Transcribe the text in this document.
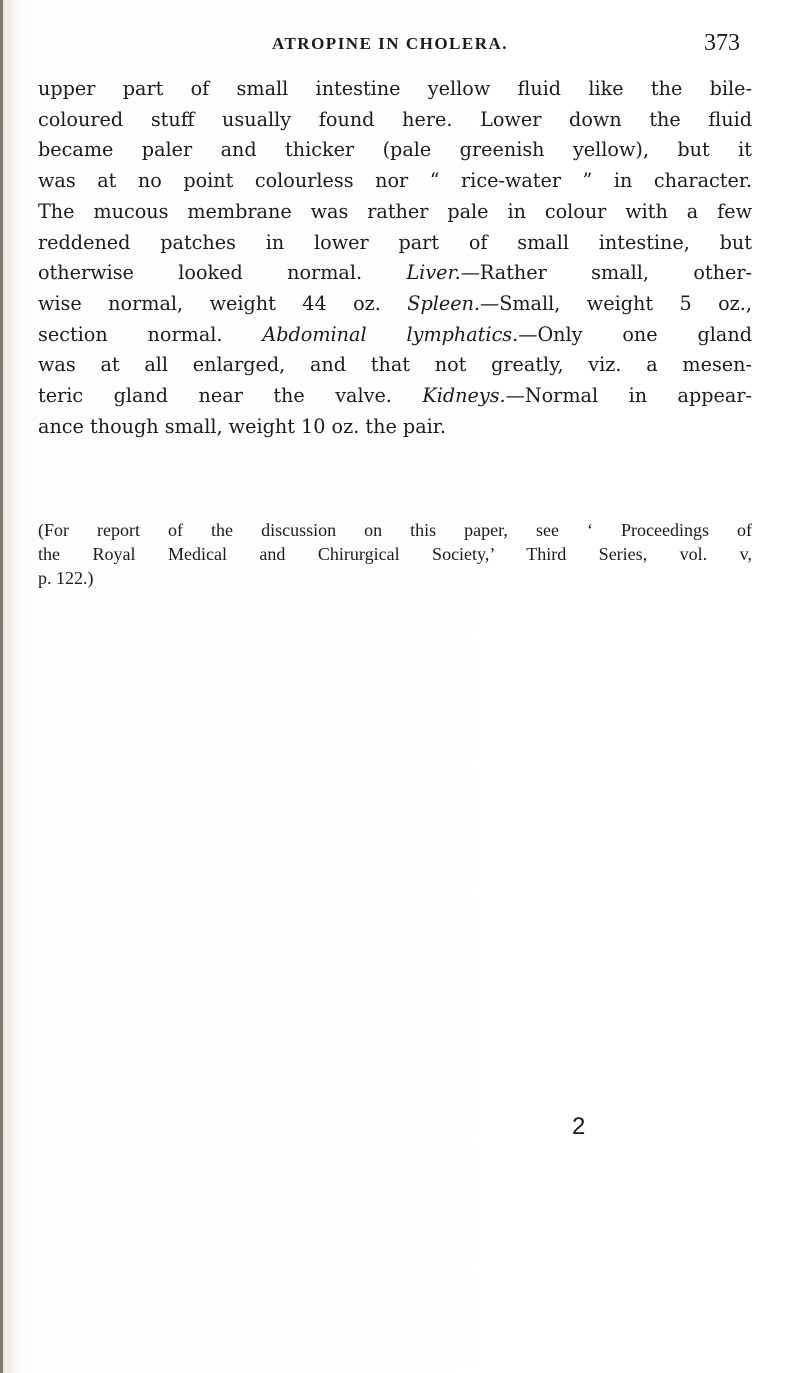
ATROPINE IN CHOLERA.	373
upper part of small intestine yellow fluid like the bile-
coloured stuff usually found here. Lower down the fluid
became paler and thicker (pale greenish yellow), but it
was at no point colourless nor “ rice-water ” in character.
The mucous membrane was rather pale in colour with a few
reddened patches in lower part of small intestine, but
otherwise looked normal. Liver.—Rather small, other-
wise normal, weight 44 oz. Spleen.—Small, weight 5 oz.,
section normal. Abdominal lymphatics.—Only one gland
was at all enlarged, and that not greatly, viz. a mesen-
teric gland near the valve. Kidneys.—Normal in appear-
ance though small, weight 10 oz. the pair.
(For report of the discussion on this paper, see ‘ Proceedings of
the Royal Medical and Chirurgical Society,’ Third Series, vol. v,
p. 122.)
2
